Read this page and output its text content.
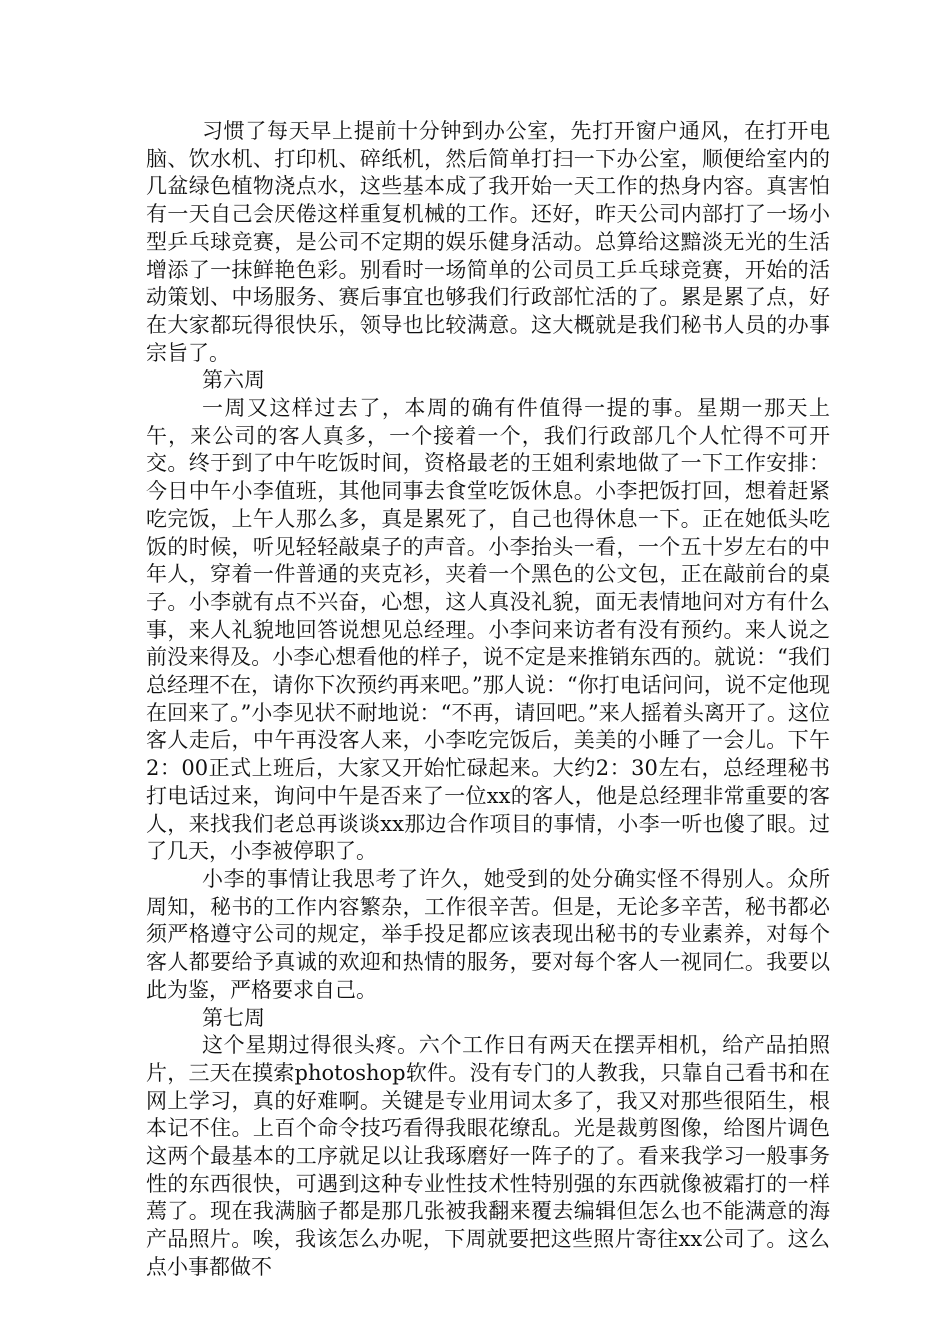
习惯了每天早上提前十分钟到办公室，先打开窗户通风，在打开电脑、饮水机、打印机、碎纸机，然后简单打扫一下办公室，顺便给室内的几盆绿色植物浇点水，这些基本成了我开始一天工作的热身内容。真害怕有一天自己会厌倦这样重复机械的工作。还好，昨天公司内部打了一场小型乒乓球竞赛，是公司不定期的娱乐健身活动。总算给这黯淡无光的生活增添了一抹鲜艳色彩。别看时一场简单的公司员工乒乓球竞赛，开始的活动策划、中场服务、赛后事宜也够我们行政部忙活的了。累是累了点，好在大家都玩得很快乐，领导也比较满意。这大概就是我们秘书人员的办事宗旨了。

第六周

一周又这样过去了，本周的确有件值得一提的事。星期一那天上午，来公司的客人真多，一个接着一个，我们行政部几个人忙得不可开交。终于到了中午吃饭时间，资格最老的王姐利索地做了一下工作安排：今日中午小李值班，其他同事去食堂吃饭休息。小李把饭打回，想着赶紧吃完饭，上午人那么多，真是累死了，自己也得休息一下。正在她低头吃饭的时候，听见轻轻敲桌子的声音。小李抬头一看，一个五十岁左右的中年人，穿着一件普通的夹克衫，夹着一个黑色的公文包，正在敲前台的桌子。小李就有点不兴奋，心想，这人真没礼貌，面无表情地问对方有什么事，来人礼貌地回答说想见总经理。小李问来访者有没有预约。来人说之前没来得及。小李心想看他的样子，说不定是来推销东西的。就说：“我们总经理不在，请你下次预约再来吧。”那人说：“你打电话问问，说不定他现在回来了。”小李见状不耐地说：“不再，请回吧。”来人摇着头离开了。这位客人走后，中午再没客人来，小李吃完饭后，美美的小睡了一会儿。下午2：00正式上班后，大家又开始忙碌起来。大约2：30左右，总经理秘书打电话过来，询问中午是否来了一位xx的客人，他是总经理非常重要的客人，来找我们老总再谈谈xx那边合作项目的事情，小李一听也傻了眼。过了几天，小李被停职了。

小李的事情让我思考了许久，她受到的处分确实怪不得别人。众所周知，秘书的工作内容繁杂，工作很辛苦。但是，无论多辛苦，秘书都必须严格遵守公司的规定，举手投足都应该表现出秘书的专业素养，对每个客人都要给予真诚的欢迎和热情的服务，要对每个客人一视同仁。我要以此为鉴，严格要求自己。

第七周

这个星期过得很头疼。六个工作日有两天在摆弄相机，给产品拍照片，三天在摸索photoshop软件。没有专门的人教我，只靠自己看书和在网上学习，真的好难啊。关键是专业用词太多了，我又对那些很陌生，根本记不住。上百个命令技巧看得我眼花缭乱。光是裁剪图像，给图片调色这两个最基本的工序就足以让我琢磨好一阵子的了。看来我学习一般事务性的东西很快，可遇到这种专业性技术性特别强的东西就像被霜打的一样蔫了。现在我满脑子都是那几张被我翻来覆去编辑但怎么也不能满意的海产品照片。唉，我该怎么办呢，下周就要把这些照片寄往xx公司了。这么点小事都做不
